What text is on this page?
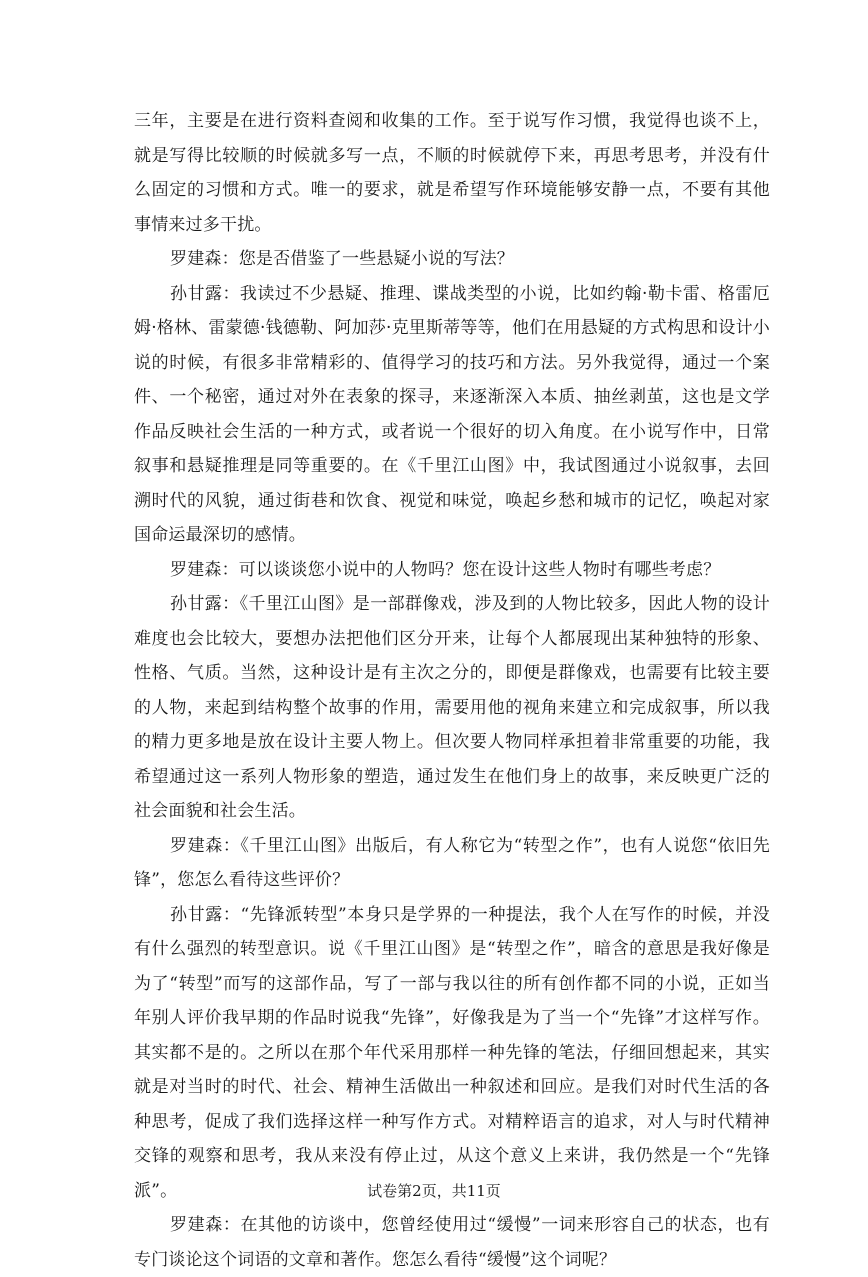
三年，主要是在进行资料查阅和收集的工作。至于说写作习惯，我觉得也谈不上，就是写得比较顺的时候就多写一点，不顺的时候就停下来，再思考思考，并没有什么固定的习惯和方式。唯一的要求，就是希望写作环境能够安静一点，不要有其他事情来过多干扰。

罗建森：您是否借鉴了一些悬疑小说的写法？

孙甘露：我读过不少悬疑、推理、谍战类型的小说，比如约翰·勒卡雷、格雷厄姆·格林、雷蒙德·钱德勒、阿加莎·克里斯蒂等等，他们在用悬疑的方式构思和设计小说的时候，有很多非常精彩的、值得学习的技巧和方法。另外我觉得，通过一个案件、一个秘密，通过对外在表象的探寻，来逐渐深入本质、抽丝剥茧，这也是文学作品反映社会生活的一种方式，或者说一个很好的切入角度。在小说写作中，日常叙事和悬疑推理是同等重要的。在《千里江山图》中，我试图通过小说叙事，去回溯时代的风貌，通过街巷和饮食、视觉和味觉，唤起乡愁和城市的记忆，唤起对家国命运最深切的感情。

罗建森：可以谈谈您小说中的人物吗？您在设计这些人物时有哪些考虑？

孙甘露：《千里江山图》是一部群像戏，涉及到的人物比较多，因此人物的设计难度也会比较大，要想办法把他们区分开来，让每个人都展现出某种独特的形象、性格、气质。当然，这种设计是有主次之分的，即便是群像戏，也需要有比较主要的人物，来起到结构整个故事的作用，需要用他的视角来建立和完成叙事，所以我的精力更多地是放在设计主要人物上。但次要人物同样承担着非常重要的功能，我希望通过这一系列人物形象的塑造，通过发生在他们身上的故事，来反映更广泛的社会面貌和社会生活。

罗建森：《千里江山图》出版后，有人称它为“转型之作”，也有人说您“依旧先锋”，您怎么看待这些评价？

孙甘露：“先锋派转型”本身只是学界的一种提法，我个人在写作的时候，并没有什么强烈的转型意识。说《千里江山图》是“转型之作”，暗含的意思是我好像是为了“转型”而写的这部作品，写了一部与我以往的所有创作都不同的小说，正如当年别人评价我早期的作品时说我“先锋”，好像我是为了当一个“先锋”才这样写作。其实都不是的。之所以在那个年代采用那样一种先锋的笔法，仔细回想起来，其实就是对当时的时代、社会、精神生活做出一种叙述和回应。是我们对时代生活的各种思考，促成了我们选择这样一种写作方式。对精粹语言的追求，对人与时代精神交锋的观察和思考，我从来没有停止过，从这个意义上来讲，我仍然是一个“先锋派”。

罗建森：在其他的访谈中，您曾经使用过“缓慢”一词来形容自己的状态，也有专门谈论这个词语的文章和著作。您怎么看待“缓慢”这个词呢？

试卷第2页，共11页
